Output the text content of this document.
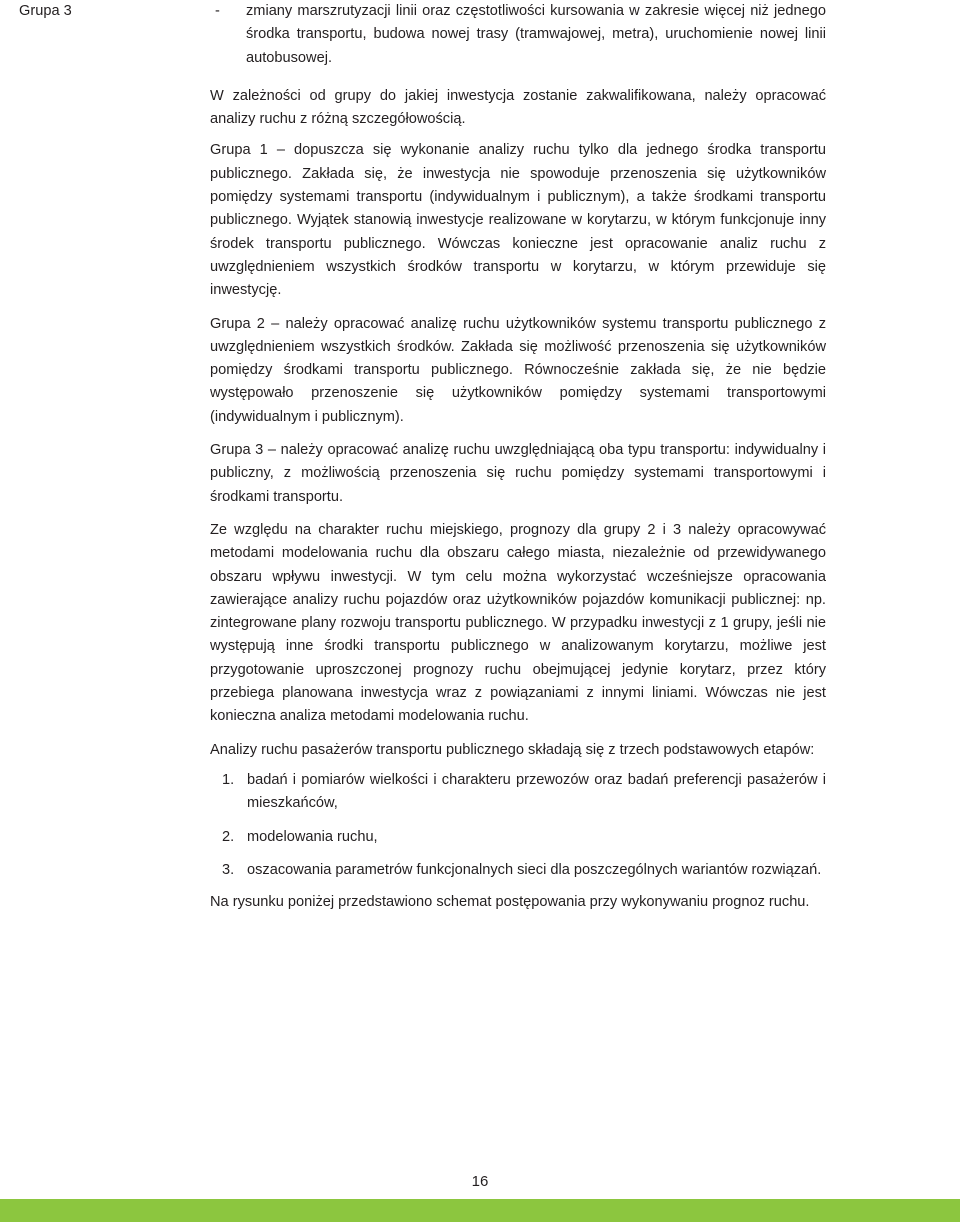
Grupa 3	- zmiany marszrutyzacji linii oraz częstotliwości kursowania w zakresie więcej niż jednego środka transportu, budowa nowej trasy (tramwajowej, metra), uruchomienie nowej linii autobusowej.

W zależności od grupy do jakiej inwestycja zostanie zakwalifikowana, należy opracować analizy ruchu z różną szczegółowością.

Grupa 1 – dopuszcza się wykonanie analizy ruchu tylko dla jednego środka transportu publicznego. Zakłada się, że inwestycja nie spowoduje przenoszenia się użytkowników pomiędzy systemami transportu (indywidualnym i publicznym), a także środkami transportu publicznego. Wyjątek stanowią inwestycje realizowane w korytarzu, w którym funkcjonuje inny środek transportu publicznego. Wówczas konieczne jest opracowanie analiz ruchu z uwzględnieniem wszystkich środków transportu w korytarzu, w którym przewiduje się inwestycję.

Grupa 2 – należy opracować analizę ruchu użytkowników systemu transportu publicznego z uwzględnieniem wszystkich środków. Zakłada się możliwość przenoszenia się użytkowników pomiędzy środkami transportu publicznego. Równocześnie zakłada się, że nie będzie występowało przenoszenie się użytkowników pomiędzy systemami transportowymi (indywidualnym i publicznym).

Grupa 3 – należy opracować analizę ruchu uwzględniającą oba typu transportu: indywidualny i publiczny, z możliwością przenoszenia się ruchu pomiędzy systemami transportowymi i środkami transportu.

Ze względu na charakter ruchu miejskiego, prognozy dla grupy 2 i 3 należy opracowywać metodami modelowania ruchu dla obszaru całego miasta, niezależnie od przewidywanego obszaru wpływu inwestycji. W tym celu można wykorzystać wcześniejsze opracowania zawierające analizy ruchu pojazdów oraz użytkowników pojazdów komunikacji publicznej: np. zintegrowane plany rozwoju transportu publicznego. W przypadku inwestycji z 1 grupy, jeśli nie występują inne środki transportu publicznego w analizowanym korytarzu, możliwe jest przygotowanie uproszczonej prognozy ruchu obejmującej jedynie korytarz, przez który przebiega planowana inwestycja wraz z powiązaniami z innymi liniami. Wówczas nie jest konieczna analiza metodami modelowania ruchu.

Analizy ruchu pasażerów transportu publicznego składają się z trzech podstawowych etapów:

1. badań i pomiarów wielkości i charakteru przewozów oraz badań preferencji pasażerów i mieszkańców,
2. modelowania ruchu,
3. oszacowania parametrów funkcjonalnych sieci dla poszczególnych wariantów rozwiązań.

Na rysunku poniżej przedstawiono schemat postępowania przy wykonywaniu prognoz ruchu.

16
